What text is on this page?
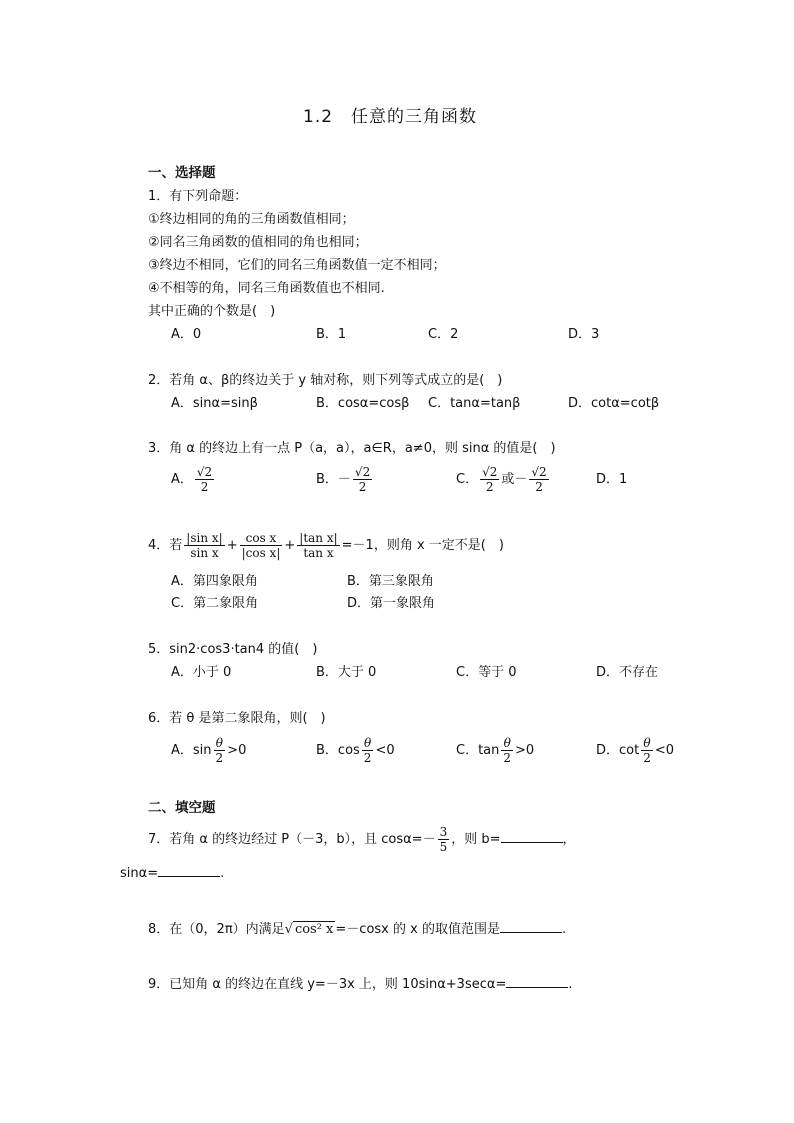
1.2　任意的三角函数
一、选择题
1．有下列命题：
①终边相同的角的三角函数值相同；
②同名三角函数的值相同的角也相同；
③终边不相同，它们的同名三角函数值一定不相同；
④不相等的角，同名三角函数值也不相同.
其中正确的个数是(　)
A．0	B．1	C．2	D．3
2．若角 α、β的终边关于 y 轴对称，则下列等式成立的是(　)
A．sinα=sinβ	B．cosα=cosβ C．tanα=tanβ	D．cotα=cotβ
3．角 α 的终边上有一点 P（a，a），a∈R，a≠0，则 sinα 的值是(　)
A． $\frac{√2}{2}$	B．－ $\frac{√2}{2}$	C． $\frac{√2}{2}$ 或－ $\frac{√2}{2}$	D．1
4．若 $\frac{\text{|sin x|}}{\text{sin x}} + \frac{\text{cos x}}{\text{|cos x|}} + \frac{\text{|tan x|}}{\text{tan x}} =-1$，则角 x 一定不是(　)
A．第四象限角	B．第三象限角
C．第二象限角	D．第一象限角
5．sin2·cos3·tan4 的值(　)
A．小于 0	B．大于 0	C．等于 0	D．不存在
6．若 θ 是第二象限角，则(　)
A．$\sin \frac{\theta}{2} >0$	B．$\cos \frac{\theta}{2} <0$	C．$\tan \frac{\theta}{2} >0$	D．$\cot \frac{\theta}{2} <0$
二、填空题
7．若角 α 的终边经过 P（－3，b），且 $\cos\alpha=- \frac{3}{5}$ ，则 b=	，
sinα=	.
8．在（0，2π）内满足√ cos² x =－cosx 的 x 的取值范围是	.
9．已知角 α 的终边在直线 y=－3x 上，则 10sinα+3secα=	.
